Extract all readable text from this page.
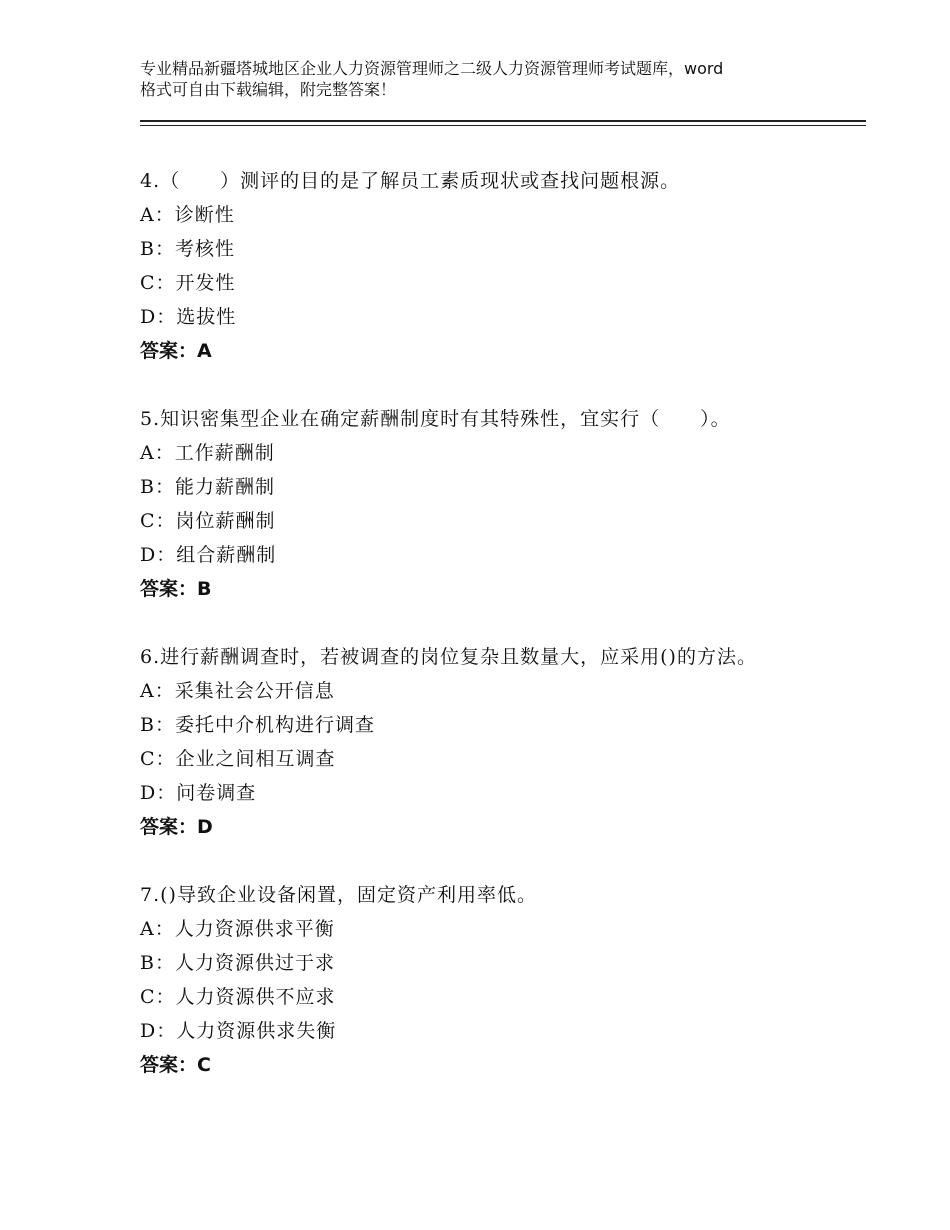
专业精品新疆塔城地区企业人力资源管理师之二级人力资源管理师考试题库，word
格式可自由下载编辑，附完整答案！
4.（　　）测评的目的是了解员工素质现状或查找问题根源。
A：诊断性
B：考核性
C：开发性
D：选拔性
答案：A
5.知识密集型企业在确定薪酬制度时有其特殊性，宜实行（　　）。
A：工作薪酬制
B：能力薪酬制
C：岗位薪酬制
D：组合薪酬制
答案：B
6.进行薪酬调查时，若被调查的岗位复杂且数量大，应采用()的方法。
A：采集社会公开信息
B：委托中介机构进行调查
C：企业之间相互调查
D：问卷调查
答案：D
7.()导致企业设备闲置，固定资产利用率低。
A：人力资源供求平衡
B：人力资源供过于求
C：人力资源供不应求
D：人力资源供求失衡
答案：C
